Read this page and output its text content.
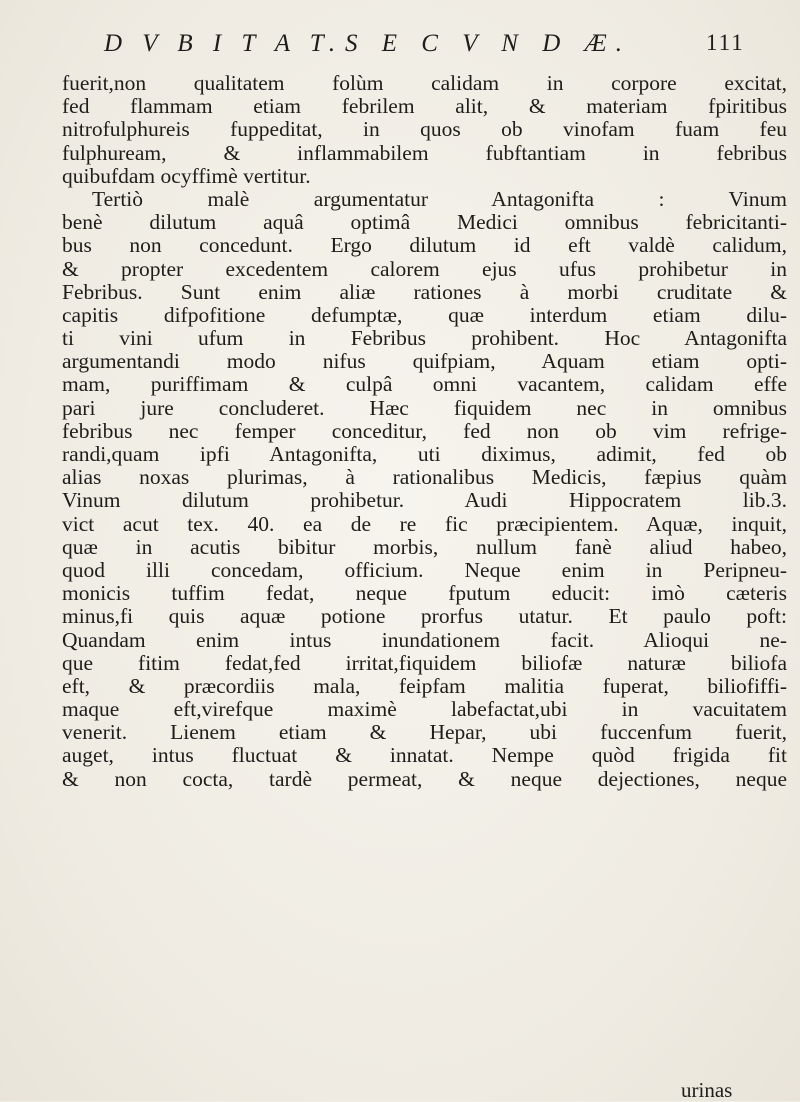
D V B I T A T. S E C V N D Æ.	111
fuerit,non qualitatem folùm calidam in corpore excitat,
fed flammam etiam febrilem alit, & materiam fpiritibus
nitrofulphureis fuppeditat, in quos ob vinofam fuam feu
fulphuream, & inflammabilem fubftantiam in febribus
quibufdam ocyffimè vertitur.
Tertiò malè argumentatur Antagonifta : Vinum
benè dilutum aquâ optimâ Medici omnibus febricitanti-
bus non concedunt. Ergo dilutum id eft valdè calidum,
& propter excedentem calorem ejus ufus prohibetur in
Febribus. Sunt enim aliæ rationes à morbi cruditate &
capitis difpofitione defumptæ, quæ interdum etiam dilu-
ti vini ufum in Febribus prohibent. Hoc Antagonifta
argumentandi modo nifus quifpiam, Aquam etiam opti-
mam, puriffimam & culpâ omni vacantem, calidam effe
pari jure concluderet. Hæc fiquidem nec in omnibus
febribus nec femper conceditur, fed non ob vim refrige-
randi,quam ipfi Antagonifta, uti diximus, adimit, fed ob
alias noxas plurimas, à rationalibus Medicis, fæpius quàm
Vinum dilutum prohibetur. Audi Hippocratem lib.3.
vict acut tex. 40. ea de re fic præcipientem. Aquæ, inquit,
quæ in acutis bibitur morbis, nullum fanè aliud habeo,
quod illi concedam, officium. Neque enim in Peripneu-
monicis tuffim fedat, neque fputum educit: imò cæteris
minus,fi quis aquæ potione prorfus utatur. Et paulo poft:
Quandam enim intus inundationem facit. Alioqui ne-
que fitim fedat,fed irritat,fiquidem biliofæ naturæ biliofa
eft, & præcordiis mala, feipfam malitia fuperat, biliofiffi-
maque eft,virefque maximè labefactat,ubi in vacuitatem
venerit. Lienem etiam & Hepar, ubi fuccenfum fuerit,
auget, intus fluctuat & innatat. Nempe quòd frigida fit
& non cocta, tardè permeat, & neque dejectiones, neque
urinas
